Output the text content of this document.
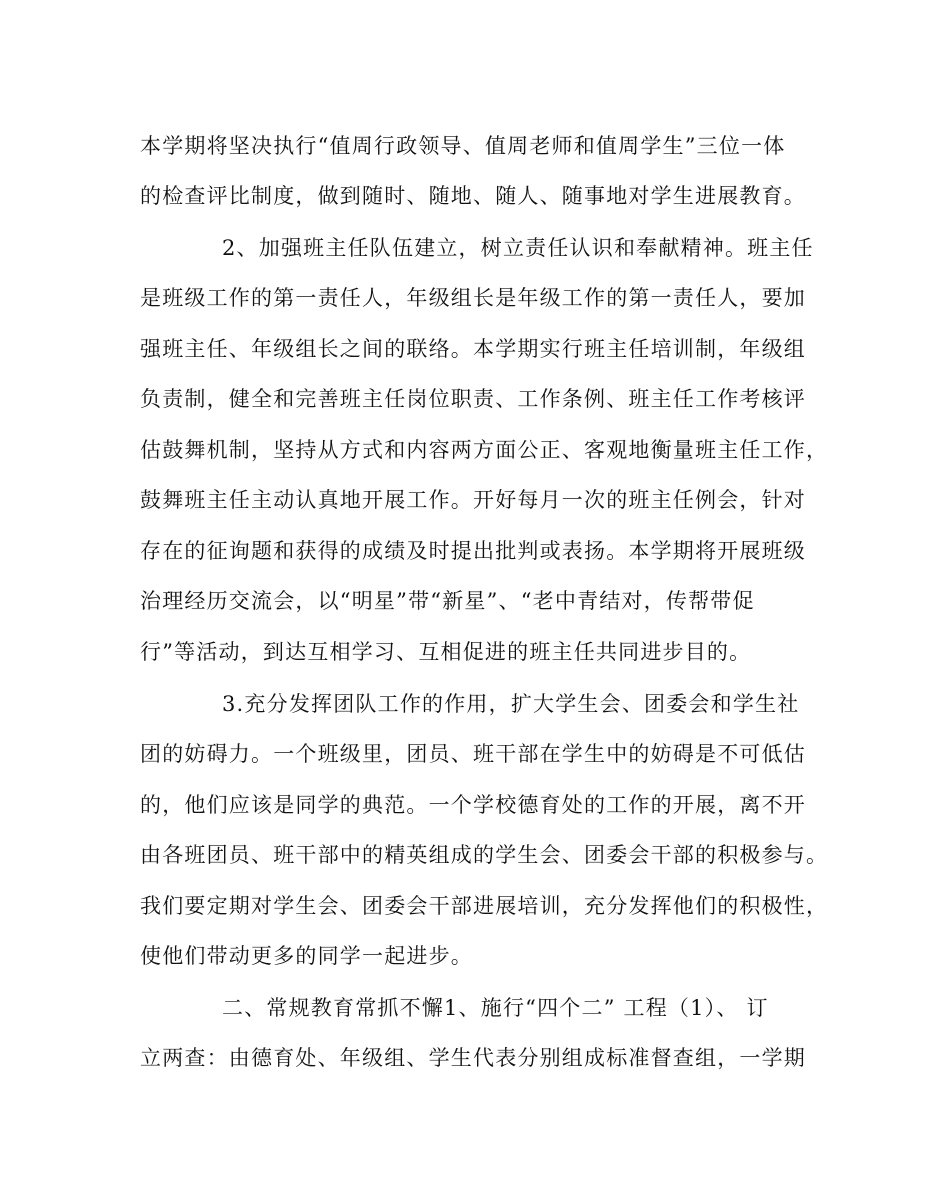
本学期将坚决执行“值周行政领导、值周老师和值周学生”三位一体
的检查评比制度，做到随时、随地、随人、随事地对学生进展教育。
2、加强班主任队伍建立，树立责任认识和奉献精神。班主任
是班级工作的第一责任人，年级组长是年级工作的第一责任人，要加
强班主任、年级组长之间的联络。本学期实行班主任培训制，年级组
负责制，健全和完善班主任岗位职责、工作条例、班主任工作考核评
估鼓舞机制，坚持从方式和内容两方面公正、客观地衡量班主任工作，
鼓舞班主任主动认真地开展工作。开好每月一次的班主任例会，针对
存在的征询题和获得的成绩及时提出批判或表扬。本学期将开展班级
治理经历交流会，以“明星”带“新星”、“老中青结对，传帮带促
行”等活动，到达互相学习、互相促进的班主任共同进步目的。
3.充分发挥团队工作的作用，扩大学生会、团委会和学生社
团的妨碍力。一个班级里，团员、班干部在学生中的妨碍是不可低估
的，他们应该是同学的典范。一个学校德育处的工作的开展，离不开
由各班团员、班干部中的精英组成的学生会、团委会干部的积极参与。
我们要定期对学生会、团委会干部进展培训，充分发挥他们的积极性，
使他们带动更多的同学一起进步。
二、常规教育常抓不懈1、施行“四个二” 工程（1）、 订
立两查：由德育处、年级组、学生代表分别组成标准督查组，一学期
